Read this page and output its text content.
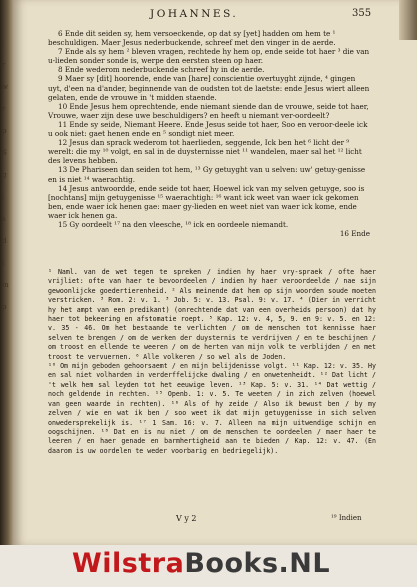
:
r
w
r
p
S
g
l
s
d
i
m
p
JOHANNES.	355

6 Ende dit seiden sy, hem versoeckende, op dat sy [yet] hadden om hem te ¹ beschuldigen. Maer Jesus nederbuckende, schreef met den vinger in de aerde.

7 Ende als sy hem ² bleven vragen, rechtede hy hem op, ende seide tot haer ³ die van u-lieden sonder sonde is, werpe den eersten steen op haer.

8 Ende wederom nederbuckende schreef hy in de aerde.

9 Maer sy [dit] hoorende, ende van [hare] conscientie overtuyght zijnde, ⁴ gingen uyt, d'een na d'ander, beginnende van de oudsten tot de laetste: ende Jesus wiert alleen gelaten, ende de vrouwe in 't midden staende.

10 Ende Jesus hem oprechtende, ende niemant siende dan de vrouwe, seide tot haer, Vrouwe, waer zijn dese uwe beschuldigers? en heeft u niemant ver-oordeelt?

11 Ende sy seide, Niemant Heere. Ende Jesus seide tot haer, Soo en veroor-deele ick u ook niet: gaet henen ende en ⁵ sondigt niet meer.

12 Jesus dan sprack wederom tot haerlieden, seggende, Ick ben het ⁶ licht der ⁹ werelt: die my ¹⁰ volgt, en sal in de duysternisse niet ¹¹ wandelen, maer sal het ¹² licht des levens hebben.

13 De Phariseen dan seiden tot hem, ¹³ Gy getuyght van u selven: uw' getuy-genisse en is niet ¹⁴ waerachtig.

14 Jesus antwoordde, ende seide tot haer, Hoewel ick van my selven getuyge, soo is [nochtans] mijn getuygenisse ¹⁵ waerachtigh: ¹⁶ want ick weet van waer ick gekomen ben, ende waer ick henen gae: maer gy-lieden en weet niet van waer ick kome, ende waer ick henen ga.

15 Gy oordeelt ¹⁷ na den vleesche, ¹⁸ ick en oordeele niemandt.

16 Ende

¹ Naml. van de wet tegen te spreken / indien hy haer vry-spraek / ofte haer vrijliet: ofte van haer te bevoordeelen / indien hy haer veroordeelde / nae sijn gewoonlijcke goedertierenheid. ² Als meinende dat hem op sijn woorden soude moeten verstricken. ³ Rom. 2: v. 1. ³ Job. 5: v. 13. Psal. 9: v. 17. ⁴ (Dier in verricht hy het ampt van een predikant) (onrechtende dat van een overheids persoon) dat hy haer tot bekeering en afstomatie roept. ⁵ Kap. 12: v. 4, 5, 9. en 9: v. 5. en 12: v. 35 - 46. Om het bestaande te verlichten / om de menschen tot kennisse haer selven te brengen / om de werken der duysternis te verdrijven / en te beschijnen / om troost en ellende te weeren / om de herten van mijn volk te verblijden / en met troost te vervuernen. ⁶ Alle volkeren / so wel als de Joden.

¹⁰ Om mijn geboden gehoorsaemt / en mijn belijdenisse volgt. ¹¹ Kap. 12: v. 35. Hy en sal niet volharden in verderffelijcke dwaling / en onwetenheidt. ¹² Dat licht / 't welk hem sal leyden tot het eeuwige leven. ¹³ Kap. 5: v. 31. ¹⁴ Dat wettig / noch geldende in rechten. ¹⁵ Openb. 1: v. 5. Te weeten / in zich zelven (hoewel van geen waarde in rechten). ¹⁶ Als of hy zeide / Also ik bewust ben / by my zelven / wie en wat ik ben / soo weet ik dat mijn getuygenisse in sich selven onwedersprekelijk is. ¹⁷ 1 Sam. 16: v. 7. Alleen na mijn uitwendige schijn en oogschijnen. ¹⁸ Dat en is nu niet / om de menschen te oordeelen / maer haer te leeren / en haer genade en barmhertigheid aan te bieden / Kap. 12: v. 47. (En daarom is uw oordelen te weder voorbarig en bedriegelijk).

V y 2	¹⁹ Indien
WilstraBooks.NL
